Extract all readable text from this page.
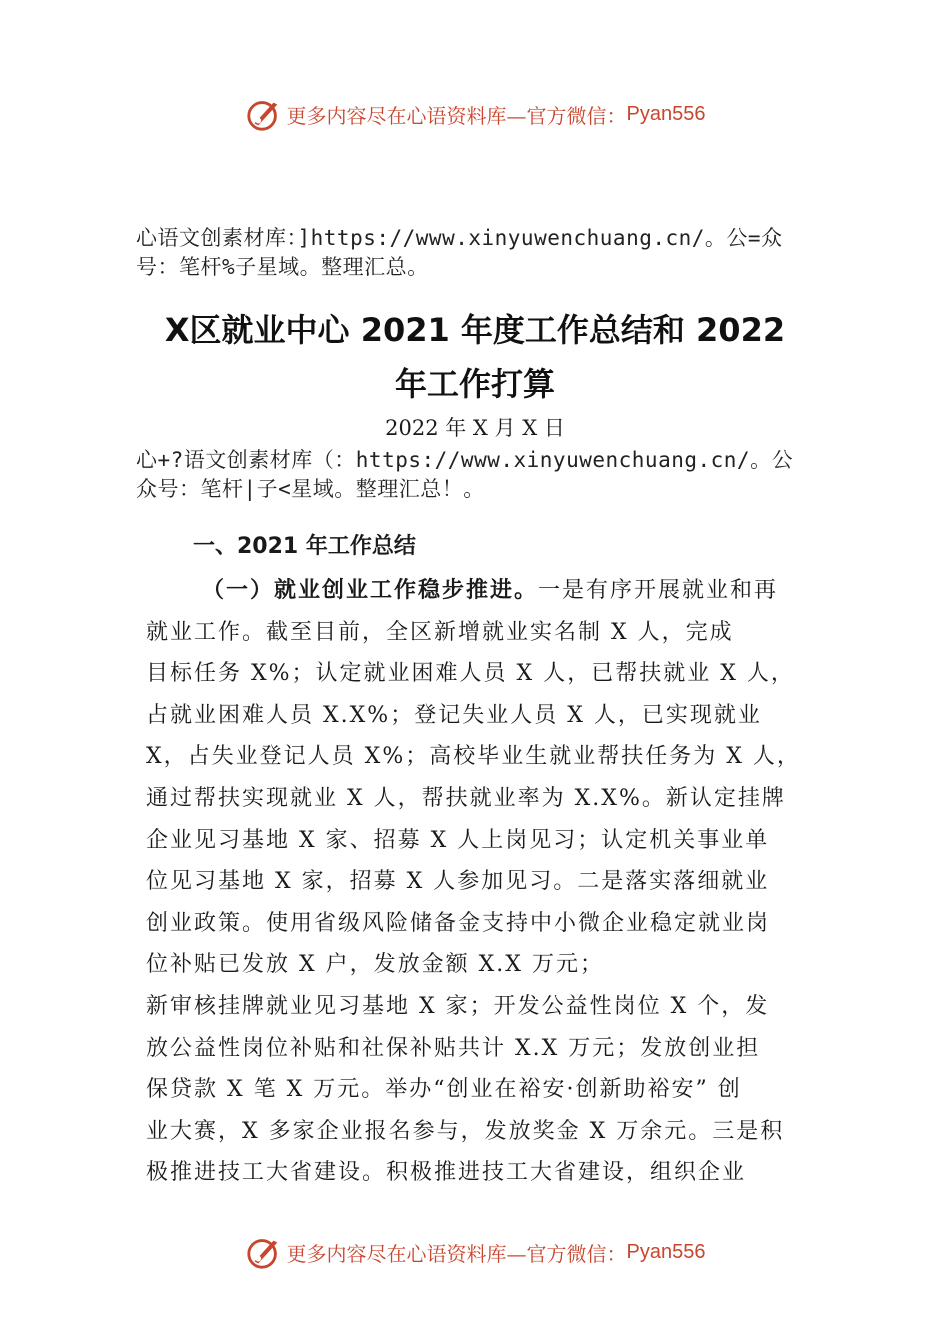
更多内容尽在心语资料库—官方微信： Pyan556
心语文创素材库：]https://www.xinyuwenchuang.cn/。公=众
号：笔杆%子星域。整理汇总。
X区就业中心 2021 年度工作总结和 2022
年工作打算

2022 年 X 月 X 日

心+?语文创素材库（：https://www.xinyuwenchuang.cn/。公
众号：笔杆|子<星域。整理汇总！。
一、2021 年工作总结
（一）就业创业工作稳步推进。一是有序开展就业和再
就业工作。截至目前，全区新增就业实名制 X 人，完成
目标任务 X%；认定就业困难人员 X 人，已帮扶就业 X 人，
占就业困难人员 X.X%；登记失业人员 X 人，已实现就业
X，占失业登记人员 X%；高校毕业生就业帮扶任务为 X 人，
通过帮扶实现就业 X 人，帮扶就业率为 X.X%。新认定挂牌
企业见习基地 X 家、招募 X 人上岗见习；认定机关事业单
位见习基地 X 家，招募 X 人参加见习。二是落实落细就业
创业政策。使用省级风险储备金支持中小微企业稳定就业岗
位补贴已发放 X 户，发放金额 X.X 万元；
新审核挂牌就业见习基地 X 家；开发公益性岗位 X 个，发
放公益性岗位补贴和社保补贴共计 X.X 万元；发放创业担
保贷款 X 笔 X 万元。举办“创业在裕安·创新助裕安” 创
业大赛，X 多家企业报名参与，发放奖金 X 万余元。三是积
极推进技工大省建设。积极推进技工大省建设，组织企业
更多内容尽在心语资料库—官方微信： Pyan556
